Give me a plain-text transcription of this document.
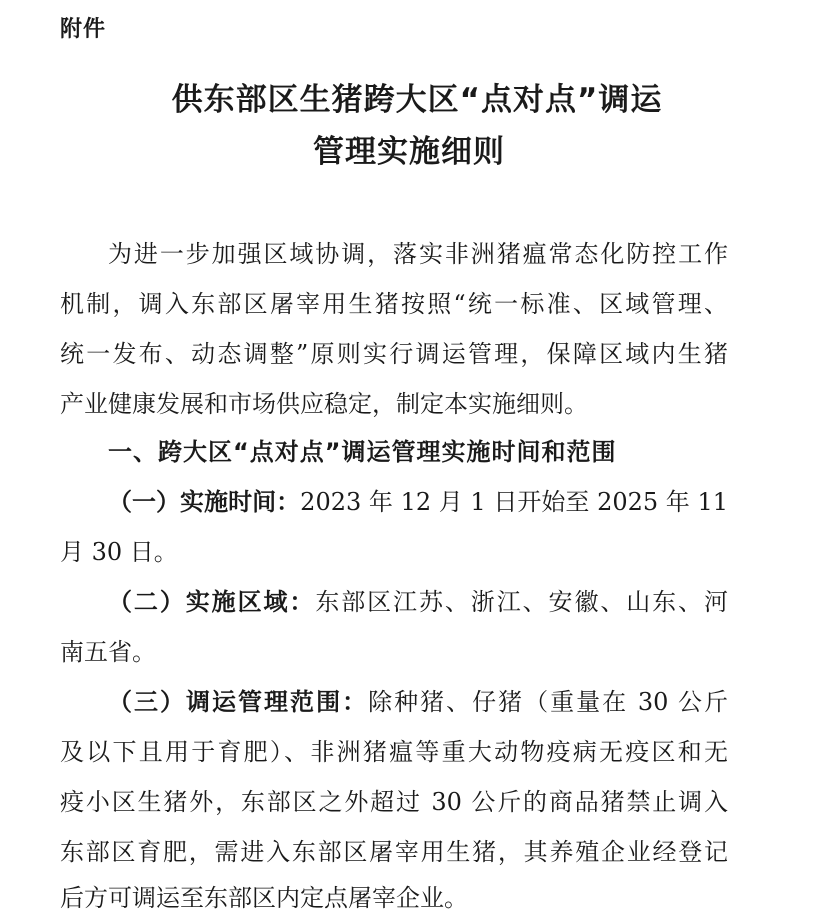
附件
供东部区生猪跨大区“点对点”调运
管理实施细则
为进一步加强区域协调，落实非洲猪瘟常态化防控工作
机制，调入东部区屠宰用生猪按照“统一标准、区域管理、
统一发布、动态调整”原则实行调运管理，保障区域内生猪
产业健康发展和市场供应稳定，制定本实施细则。
一、跨大区“点对点”调运管理实施时间和范围
（一）实施时间：2023 年 12 月 1 日开始至 2025 年 11
月 30 日。
（二）实施区域：东部区江苏、浙江、安徽、山东、河
南五省。
（三）调运管理范围：除种猪、仔猪（重量在 30 公斤
及以下且用于育肥）、非洲猪瘟等重大动物疫病无疫区和无
疫小区生猪外，东部区之外超过 30 公斤的商品猪禁止调入
东部区育肥，需进入东部区屠宰用生猪，其养殖企业经登记
后方可调运至东部区内定点屠宰企业。
